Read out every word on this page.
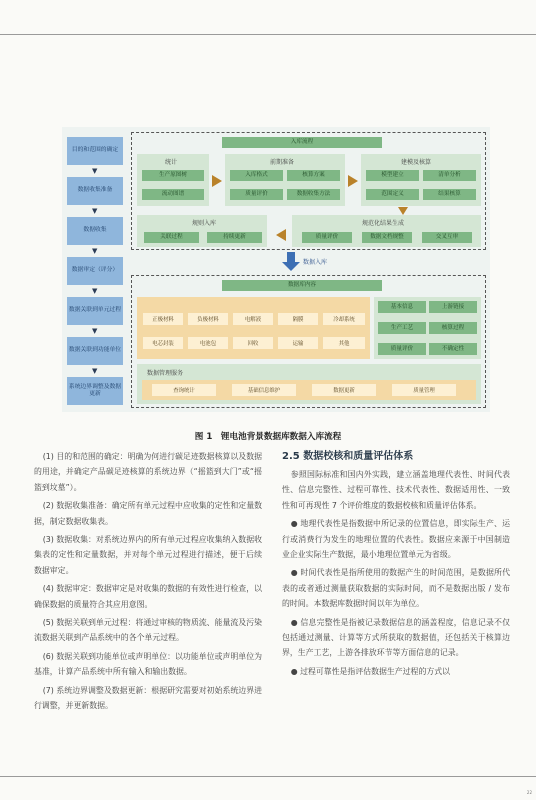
目的和范围的确定
▼
数据收集准备
▼
数据收集
▼
数据审定（评分）
▼
数据关联到单元过程
▼
数据关联到功能单位
▼
系统边界调整及数据更新
入库流程
统计
生产原图树
流动图谱
前期准备
入库格式	核算方案
质量评价	数据收集方法
建模及核算
模型建立	清单分析
范围定义	结果核算
规则入库
关联过程	持续更新
规范化结果生成
质量评价	数据文档规整	交叉互审
数据入库
数据库内容
正极材料	负极材料	电解液	隔膜	冷却系统
电芯封装	电池包	回收	运输	其他
基本信息	上游链接
生产工艺	核算过程
质量评价	不确定性
数据管理服务
查询统计	基础信息维护	数据更新	质量管理
图 1　锂电池背景数据库数据入库流程

(1) 目的和范围的确定：明确为何进行碳足迹数据核算以及数据的用途，并确定产品碳足迹核算的系统边界（“摇篮到大门”或“摇篮到坟墓”）。

(2) 数据收集准备：确定所有单元过程中应收集的定性和定量数据，制定数据收集表。

(3) 数据收集：对系统边界内的所有单元过程应收集纳入数据收集表的定性和定量数据，并对每个单元过程进行描述，便于后续数据审定。

(4) 数据审定：数据审定是对收集的数据的有效性进行检查，以确保数据的质量符合其应用意图。

(5) 数据关联到单元过程：将通过审核的物质流、能量流及污染流数据关联到产品系统中的各个单元过程。

(6) 数据关联到功能单位或声明单位：以功能单位或声明单位为基准，计算产品系统中所有输入和输出数据。

(7) 系统边界调整及数据更新：根据研究需要对初始系统边界进行调整，并更新数据。

2.5 数据校核和质量评估体系

参照国际标准和国内外实践，建立涵盖地理代表性、时间代表性、信息完整性、过程可靠性、技术代表性、数据适用性、一致性和可再现性 7 个评价维度的数据校核和质量评估体系。

● 地理代表性是指数据中所记录的位置信息，即实际生产、运行或消费行为发生的地理位置的代表性。数据应来源于中国制造业企业实际生产数据，最小地理位置单元为省级。

● 时间代表性是指所使用的数据产生的时间范围，是数据所代表的或者通过测量获取数据的实际时间，而不是数据出版 / 发布的时间。本数据库数据时间以年为单位。

● 信息完整性是指被记录数据信息的涵盖程度，信息记录不仅包括通过测量、计算等方式所获取的数据值，还包括关于核算边界，生产工艺，上游各排放环节等方面信息的记录。

● 过程可靠性是指评估数据生产过程的方式以

22
